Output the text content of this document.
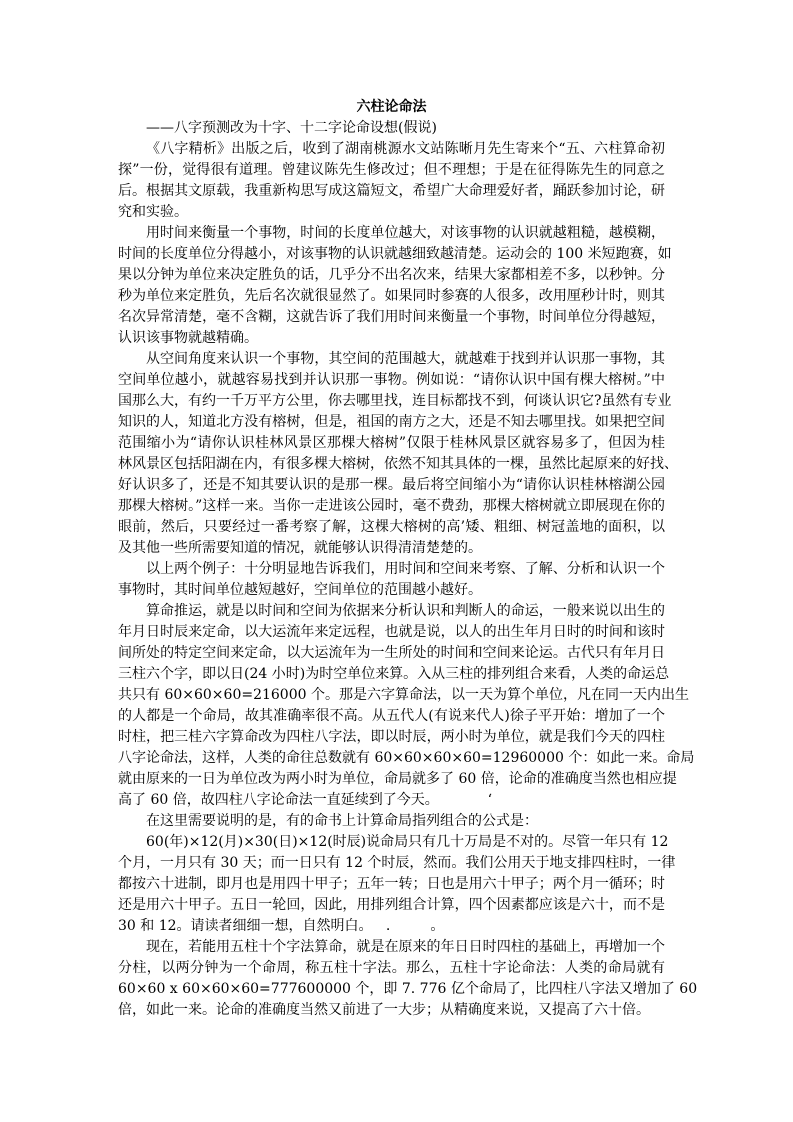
六柱论命法
——八字预测改为十字、十二字论命设想(假说)
《八字精析》出版之后，收到了湖南桃源水文站陈晰月先生寄来个“五、六柱算命初
探”一份，觉得很有道理。曾建议陈先生修改过；但不理想；于是在征得陈先生的同意之
后。根据其文原载，我重新构思写成这篇短文，希望广大命理爱好者，踊跃参加讨论，研
究和实验。
用时间来衡量一个事物，时间的长度单位越大，对该事物的认识就越粗糙，越模糊，
时间的长度单位分得越小，对该事物的认识就越细致越清楚。运动会的 100 米短跑赛，如
果以分钟为单位来决定胜负的话，几乎分不出名次来，结果大家都相差不多，以秒钟。分
秒为单位来定胜负，先后名次就很显然了。如果同时参赛的人很多，改用厘秒计时，则其
名次异常清楚，毫不含糊，这就告诉了我们用时间来衡量一个事物，时间单位分得越短，
认识该事物就越精确。
从空间角度来认识一个事物，其空间的范围越大，就越难于找到并认识那一事物，其
空间单位越小，就越容易找到并认识那一事物。例如说：“请你认识中国有棵大榕树。”中
国那么大，有约一千万平方公里，你去哪里找，连目标都找不到，何谈认识它?虽然有专业
知识的人，知道北方没有榕树，但是，祖国的南方之大，还是不知去哪里找。如果把空间
范围缩小为“请你认识桂林风景区那棵大榕树”仅限于桂林风景区就容易多了，但因为桂
林风景区包括阳湖在内，有很多棵大榕树，依然不知其具体的一棵，虽然比起原来的好找、
好认识多了，还是不知其要认识的是那一棵。最后将空间缩小为“请你认识桂林榕湖公园
那棵大榕树。”这样一来。当你一走进该公园时，毫不费劲，那棵大榕树就立即展现在你的
眼前，然后，只要经过一番考察了解，这棵大榕树的高’矮、粗细、树冠盖地的面积，以
及其他一些所需要知道的情况，就能够认识得清清楚楚的。
以上两个例子：十分明显地告诉我们，用时间和空间来考察、了解、分析和认识一个
事物时，其时间单位越短越好，空间单位的范围越小越好。
算命推运，就是以时间和空间为依据来分析认识和判断人的命运，一般来说以出生的
年月日时辰来定命，以大运流年来定远程，也就是说，以人的出生年月日时的时间和该时
间所处的特定空间来定命，以大运流年为一生所处的时间和空间来论运。古代只有年月日
三柱六个字，即以日(24 小时)为时空单位来算。入从三柱的排列组合来看，人类的命运总
共只有 60×60×60=216000 个。那是六字算命法，以一天为算个单位，凡在同一天内出生
的人都是一个命局，故其准确率很不高。从五代人(有说来代人)徐子平开始：增加了一个
时柱，把三桂六字算命改为四柱八字法，即以时辰，两小时为单位，就是我们今天的四柱
八字论命法，这样，人类的命往总数就有 60×60×60×60=12960000 个：如此一来。命局
就由原来的一日为单位改为两小时为单位，命局就多了 60 倍，论命的准确度当然也相应提
高了 60 倍，故四柱八字论命法一直延续到了今天。           ‘
在这里需要说明的是，有的命书上计算命局指列组合的公式是：
60(年)×12(月)×30(日)×12(时辰)说命局只有几十万局是不对的。尽管一年只有 12
个月，一月只有 30 天；而一日只有 12 个时辰，然而。我们公用天于地支排四柱时，一律
都按六十进制，即月也是用四十甲子；五年一转；日也是用六十甲子；两个月一循环；时
还是用六十甲子。五日一轮回，因此，用排列组合计算，四个因素都应该是六十，而不是
30 和 12。请读者细细一想，自然明白。   .         。
现在，若能用五柱十个字法算命，就是在原来的年日日时四柱的基础上，再增加一个
分柱，以两分钟为一个命周，称五柱十字法。那么，五柱十字论命法：人类的命局就有
60×60 x 60×60×60=777600000 个，即 7. 776 亿个命局了，比四柱八字法又增加了 60
倍，如此一来。论命的准确度当然又前进了一大步；从精确度来说，又提高了六十倍。
